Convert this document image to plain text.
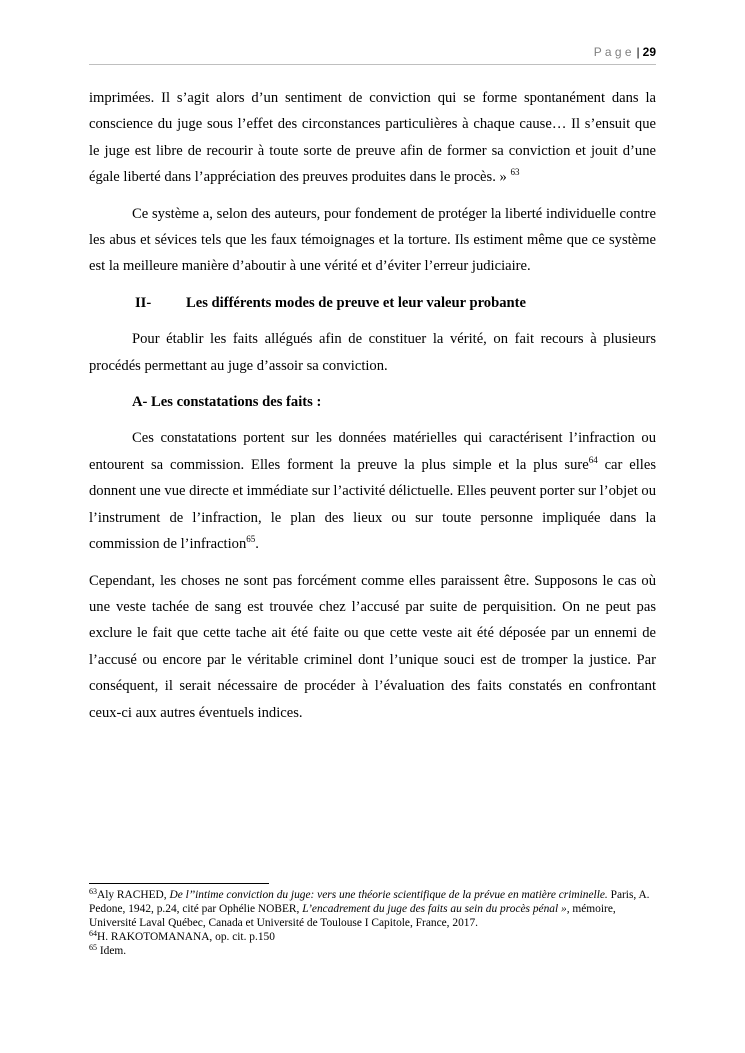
P a g e | 29

imprimées. Il s’agit alors d’un sentiment de conviction qui se forme spontanément dans la conscience du juge sous l’effet des circonstances particulières à chaque cause… Il s’ensuit que le juge est libre de recourir à toute sorte de preuve afin de former sa conviction et jouit d’une égale liberté dans l’appréciation des preuves produites dans le procès. » $^{63}$

Ce système a, selon des auteurs, pour fondement de protéger la liberté individuelle contre les abus et sévices tels que les faux témoignages et la torture. Ils estiment même que ce système est la meilleure manière d’aboutir à une vérité et d’éviter l’erreur judiciaire.

II-	Les différents modes de preuve et leur valeur probante

Pour établir les faits allégués afin de constituer la vérité, on fait recours à plusieurs procédés permettant au juge d’assoir sa conviction.

A- Les constatations des faits :

Ces constatations portent sur les données matérielles qui caractérisent l’infraction ou entourent sa commission. Elles forment la preuve la plus simple et la plus sure$^{64}$ car elles donnent une vue directe et immédiate sur l’activité délictuelle. Elles peuvent porter sur l’objet ou l’instrument de l’infraction, le plan des lieux ou sur toute personne impliquée dans la commission de l’infraction$^{65}$.

Cependant, les choses ne sont pas forcément comme elles paraissent être. Supposons le cas où une veste tachée de sang est trouvée chez l’accusé par suite de perquisition. On ne peut pas exclure le fait que cette tache ait été faite ou que cette veste ait été déposée par un ennemi de l’accusé ou encore par le véritable criminel dont l’unique souci est de tromper la justice. Par conséquent, il serait nécessaire de procéder à l’évaluation des faits constatés en confrontant ceux-ci aux autres éventuels indices.

$^{63}$Aly RACHED, De l’’intime conviction du juge: vers une théorie scientifique de la prévue en matière criminelle. Paris, A. Pedone, 1942, p.24, cité par Ophélie NOBER, L’encadrement du juge des faits au sein du procès pénal », mémoire, Université Laval Québec, Canada et Université de Toulouse I Capitole, France, 2017.

$^{64}$H. RAKOTOMANANA, op. cit. p.150

$^{65}$ Idem.
